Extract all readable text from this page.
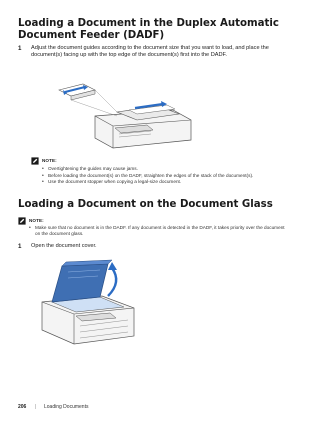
Loading a Document in the Duplex Automatic
Document Feeder (DADF)
1 Adjust the document guides according to the document size that you want to load, and place the document(s) facing up with the top edge of the document(s) first into the DADF.
NOTE:
• Overtightening the guides may cause jams.
• Before loading the document(s) on the DADF, straighten the edges of the stack of the document(s).
• Use the document stopper when copying a legal-size document.
Loading a Document on the Document Glass
NOTE:
• Make sure that no document is in the DADF. If any document is detected in the DADF, it takes priority over the document on the document glass.
1 Open the document cover.
206 | Loading Documents
